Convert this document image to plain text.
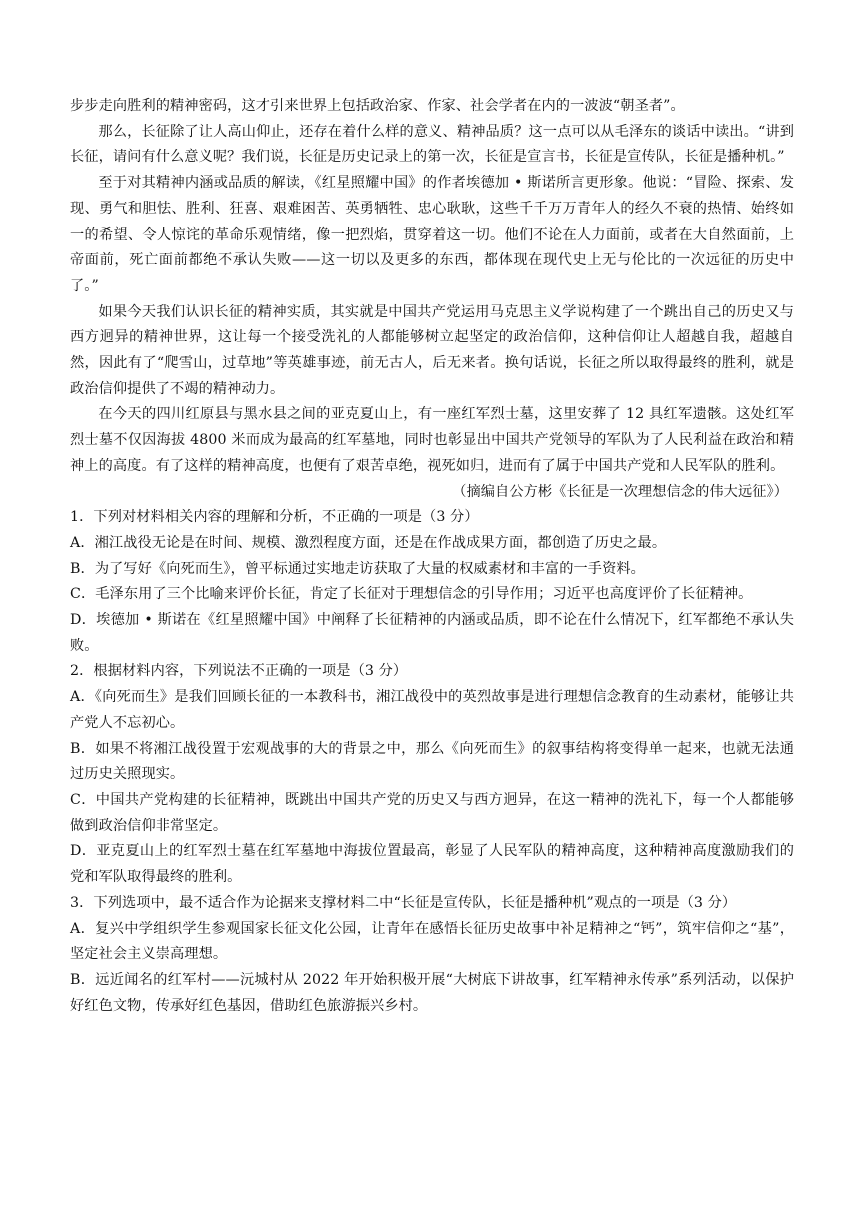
步步走向胜利的精神密码，这才引来世界上包括政治家、作家、社会学者在内的一波波“朝圣者”。

那么，长征除了让人高山仰止，还存在着什么样的意义、精神品质？这一点可以从毛泽东的谈话中读出。“讲到长征，请问有什么意义呢？我们说，长征是历史记录上的第一次，长征是宣言书，长征是宣传队，长征是播种机。”

至于对其精神内涵或品质的解读，《红星照耀中国》的作者埃德加 • 斯诺所言更形象。他说：“冒险、探索、发现、勇气和胆怯、胜利、狂喜、艰难困苦、英勇牺牲、忠心耿耿，这些千千万万青年人的经久不衰的热情、始终如一的希望、令人惊诧的革命乐观情绪，像一把烈焰，贯穿着这一切。他们不论在人力面前，或者在大自然面前，上帝面前，死亡面前都绝不承认失败——这一切以及更多的东西，都体现在现代史上无与伦比的一次远征的历史中了。”

如果今天我们认识长征的精神实质，其实就是中国共产党运用马克思主义学说构建了一个跳出自己的历史又与西方迥异的精神世界，这让每一个接受洗礼的人都能够树立起坚定的政治信仰，这种信仰让人超越自我，超越自然，因此有了“爬雪山，过草地”等英雄事迹，前无古人，后无来者。换句话说，长征之所以取得最终的胜利，就是政治信仰提供了不竭的精神动力。

在今天的四川红原县与黑水县之间的亚克夏山上，有一座红军烈士墓，这里安葬了 12 具红军遗骸。这处红军烈士墓不仅因海拔 4800 米而成为最高的红军墓地，同时也彰显出中国共产党领导的军队为了人民利益在政治和精神上的高度。有了这样的精神高度，也便有了艰苦卓绝，视死如归，进而有了属于中国共产党和人民军队的胜利。

（摘编自公方彬《长征是一次理想信念的伟大远征》）

1．下列对材料相关内容的理解和分析，不正确的一项是（3 分）

A．湘江战役无论是在时间、规模、激烈程度方面，还是在作战成果方面，都创造了历史之最。

B．为了写好《向死而生》，曾平标通过实地走访获取了大量的权威素材和丰富的一手资料。

C．毛泽东用了三个比喻来评价长征，肯定了长征对于理想信念的引导作用；习近平也高度评价了长征精神。

D．埃德加 • 斯诺在《红星照耀中国》中阐释了长征精神的内涵或品质，即不论在什么情况下，红军都绝不承认失败。

2．根据材料内容，下列说法不正确的一项是（3 分）

A．《向死而生》是我们回顾长征的一本教科书，湘江战役中的英烈故事是进行理想信念教育的生动素材，能够让共产党人不忘初心。

B．如果不将湘江战役置于宏观战事的大的背景之中，那么《向死而生》的叙事结构将变得单一起来，也就无法通过历史关照现实。

C．中国共产党构建的长征精神，既跳出中国共产党的历史又与西方迥异，在这一精神的洗礼下，每一个人都能够做到政治信仰非常坚定。

D．亚克夏山上的红军烈士墓在红军墓地中海拔位置最高，彰显了人民军队的精神高度，这种精神高度激励我们的党和军队取得最终的胜利。

3．下列选项中，最不适合作为论据来支撑材料二中“长征是宣传队，长征是播种机”观点的一项是（3 分）

A．复兴中学组织学生参观国家长征文化公园，让青年在感悟长征历史故事中补足精神之“钙”，筑牢信仰之“基”，坚定社会主义崇高理想。

B．远近闻名的红军村——沅城村从 2022 年开始积极开展“大树底下讲故事，红军精神永传承”系列活动，以保护好红色文物，传承好红色基因，借助红色旅游振兴乡村。
